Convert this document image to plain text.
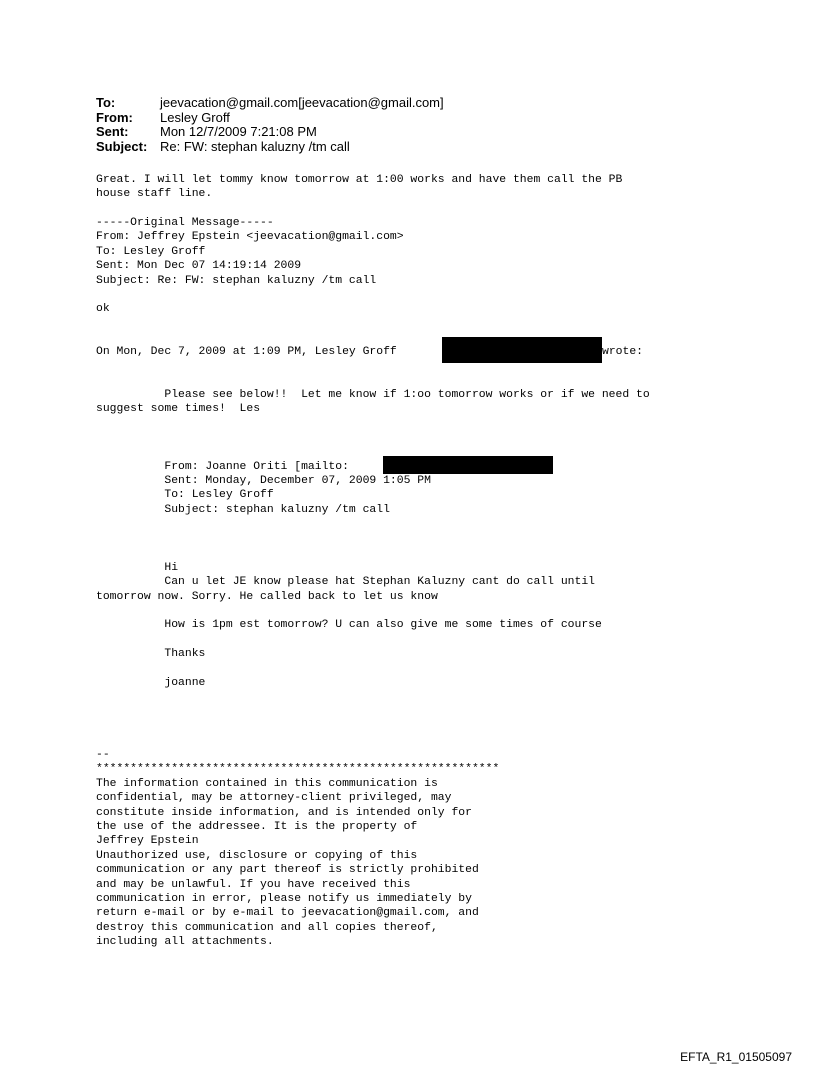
To:	jeevacation@gmail.com[jeevacation@gmail.com]
From:	Lesley Groff
Sent:	Mon 12/7/2009 7:21:08 PM
Subject: Re: FW: stephan kaluzny /tm call
Great. I will let tommy know tomorrow at 1:00 works and have them call the PB
house staff line.
-----Original Message-----
From: Jeffrey Epstein <jeevacation@gmail.com>
To: Lesley Groff
Sent: Mon Dec 07 14:19:14 2009
Subject: Re: FW: stephan kaluzny /tm call
ok
On Mon, Dec 7, 2009 at 1:09 PM, Lesley Groff	wrote:
Please see below!!  Let me know if 1:oo tomorrow works or if we need to
suggest some times!  Les
From: Joanne Oriti [mailto:
Sent: Monday, December 07, 2009 1:05 PM
To: Lesley Groff
Subject: stephan kaluzny /tm call
Hi
Can u let JE know please hat Stephan Kaluzny cant do call until
tomorrow now. Sorry. He called back to let us know
How is 1pm est tomorrow? U can also give me some times of course
Thanks
joanne
--
***********************************************************
The information contained in this communication is
confidential, may be attorney-client privileged, may
constitute inside information, and is intended only for
the use of the addressee. It is the property of
Jeffrey Epstein
Unauthorized use, disclosure or copying of this
communication or any part thereof is strictly prohibited
and may be unlawful. If you have received this
communication in error, please notify us immediately by
return e-mail or by e-mail to jeevacation@gmail.com, and
destroy this communication and all copies thereof,
including all attachments.
EFTA_R1_01505097
